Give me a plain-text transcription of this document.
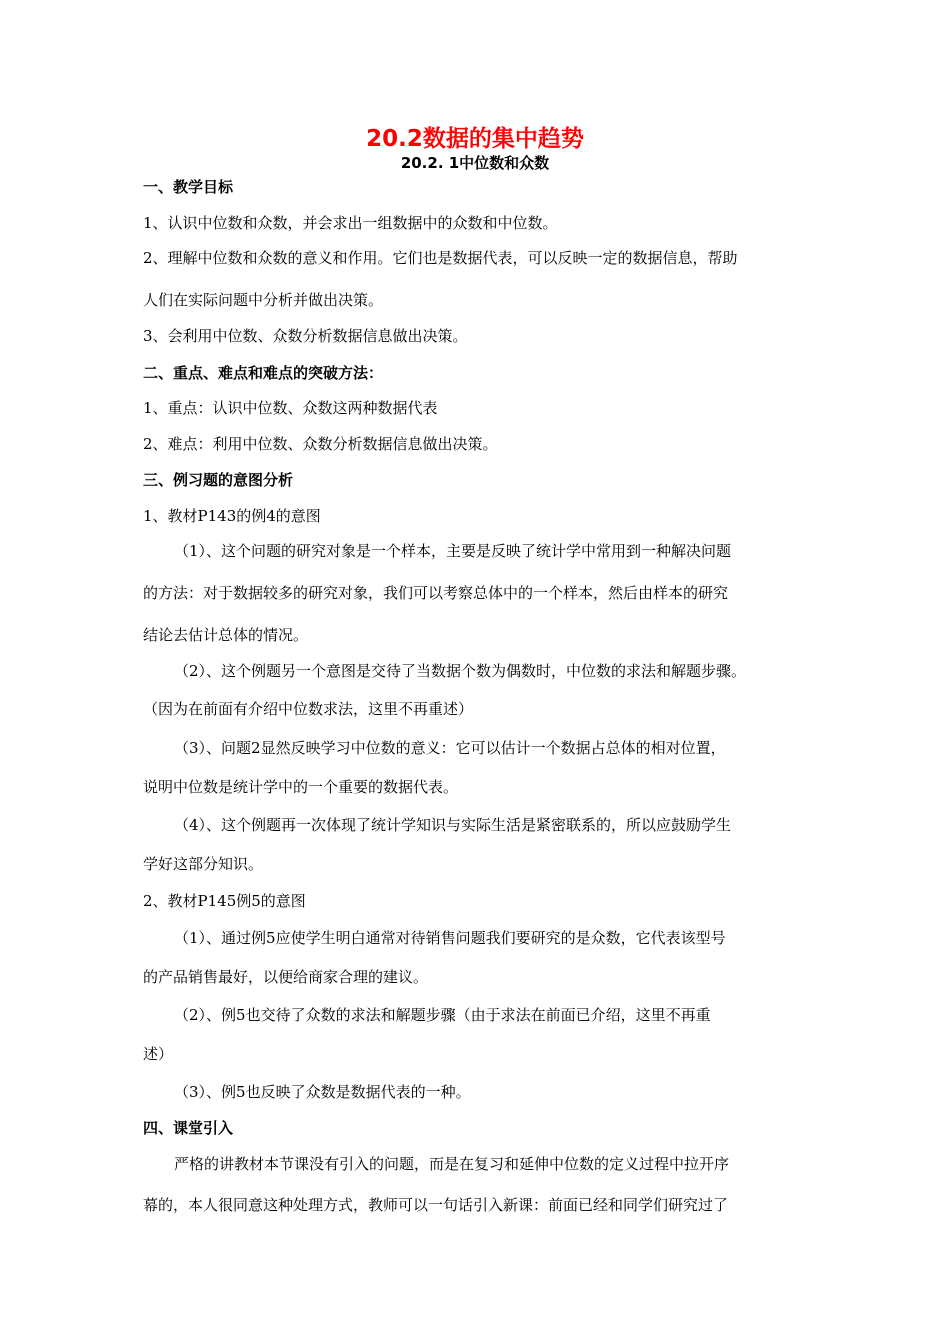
20.2数据的集中趋势
20.2. 1中位数和众数
一、教学目标
1、认识中位数和众数，并会求出一组数据中的众数和中位数。
2、理解中位数和众数的意义和作用。它们也是数据代表，可以反映一定的数据信息，帮助
人们在实际问题中分析并做出决策。
3、会利用中位数、众数分析数据信息做出决策。
二、重点、难点和难点的突破方法：
1、重点：认识中位数、众数这两种数据代表
2、难点：利用中位数、众数分析数据信息做出决策。
三、例习题的意图分析
1、教材P143的例4的意图
（1）、这个问题的研究对象是一个样本，主要是反映了统计学中常用到一种解决问题
的方法：对于数据较多的研究对象，我们可以考察总体中的一个样本，然后由样本的研究
结论去估计总体的情况。
（2）、这个例题另一个意图是交待了当数据个数为偶数时，中位数的求法和解题步骤。
（因为在前面有介绍中位数求法，这里不再重述）
（3）、问题2显然反映学习中位数的意义：它可以估计一个数据占总体的相对位置，
说明中位数是统计学中的一个重要的数据代表。
（4）、这个例题再一次体现了统计学知识与实际生活是紧密联系的，所以应鼓励学生
学好这部分知识。
2、教材P145例5的意图
（1）、通过例5应使学生明白通常对待销售问题我们要研究的是众数，它代表该型号
的产品销售最好，以便给商家合理的建议。
（2）、例5也交待了众数的求法和解题步骤（由于求法在前面已介绍，这里不再重
述）
（3）、例5也反映了众数是数据代表的一种。
四、课堂引入
严格的讲教材本节课没有引入的问题，而是在复习和延伸中位数的定义过程中拉开序
幕的，本人很同意这种处理方式，教师可以一句话引入新课：前面已经和同学们研究过了
